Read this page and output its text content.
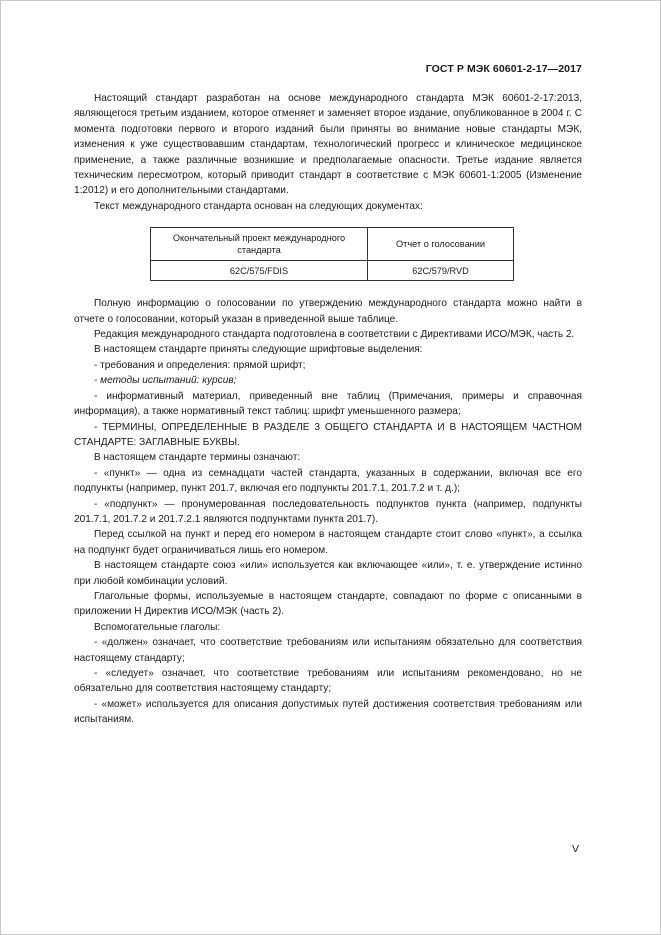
ГОСТ Р МЭК 60601-2-17—2017

Настоящий стандарт разработан на основе международного стандарта МЭК 60601-2-17:2013, являющегося третьим изданием, которое отменяет и заменяет второе издание, опубликованное в 2004 г. С момента подготовки первого и второго изданий были приняты во внимание новые стандарты МЭК, изменения к уже существовавшим стандартам, технологический прогресс и клиническое медицинское применение, а также различные возникшие и предполагаемые опасности. Третье издание является техническим пересмотром, который приводит стандарт в соответствие с МЭК 60601-1:2005 (Изменение 1:2012) и его дополнительными стандартами.

Текст международного стандарта основан на следующих документах:

Окончательный проект международного стандарта	Отчет о голосовании
62C/575/FDIS	62C/579/RVD

Полную информацию о голосовании по утверждению международного стандарта можно найти в отчете о голосовании, который указан в приведенной выше таблице.

Редакция международного стандарта подготовлена в соответствии с Директивами ИСО/МЭК, часть 2.

В настоящем стандарте приняты следующие шрифтовые выделения:

- требования и определения: прямой шрифт;

- методы испытаний: курсив;

- информативный материал, приведенный вне таблиц (Примечания, примеры и справочная информация), а также нормативный текст таблиц: шрифт уменьшенного размера;

- ТЕРМИНЫ, ОПРЕДЕЛЕННЫЕ В РАЗДЕЛЕ 3 ОБЩЕГО СТАНДАРТА И В НАСТОЯЩЕМ ЧАСТНОМ СТАНДАРТЕ: ЗАГЛАВНЫЕ БУКВЫ.

В настоящем стандарте термины означают:

- «пункт» — одна из семнадцати частей стандарта, указанных в содержании, включая все его подпункты (например, пункт 201.7, включая его подпункты 201.7.1, 201.7.2 и т. д.);

- «подпункт» — пронумерованная последовательность подпунктов пункта (например, подпункты 201.7.1, 201.7.2 и 201.7.2.1 являются подпунктами пункта 201.7).

Перед ссылкой на пункт и перед его номером в настоящем стандарте стоит слово «пункт», а ссылка на подпункт будет ограничиваться лишь его номером.

В настоящем стандарте союз «или» используется как включающее «или», т. е. утверждение истинно при любой комбинации условий.

Глагольные формы, используемые в настоящем стандарте, совпадают по форме с описанными в приложении Н Директив ИСО/МЭК (часть 2).

Вспомогательные глаголы:

- «должен» означает, что соответствие требованиям или испытаниям обязательно для соответствия настоящему стандарту;

- «следует» означает, что соответствие требованиям или испытаниям рекомендовано, но не обязательно для соответствия настоящему стандарту;

- «может» используется для описания допустимых путей достижения соответствия требованиям или испытаниям.

V
